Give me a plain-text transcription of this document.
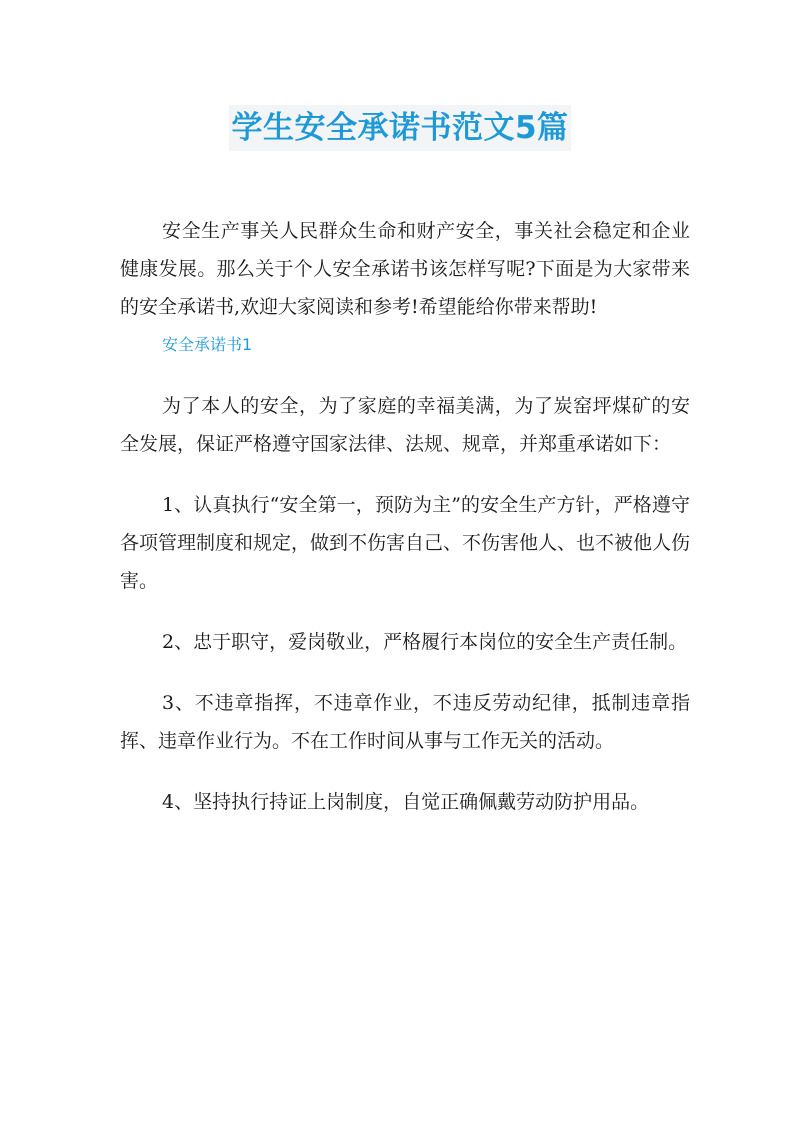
学生安全承诺书范文5篇

安全生产事关人民群众生命和财产安全，事关社会稳定和企业健康发展。那么关于个人安全承诺书该怎样写呢?下面是为大家带来的安全承诺书,欢迎大家阅读和参考!希望能给你带来帮助!

安全承诺书1

为了本人的安全，为了家庭的幸福美满，为了炭窑坪煤矿的安全发展，保证严格遵守国家法律、法规、规章，并郑重承诺如下：

1、认真执行“安全第一，预防为主”的安全生产方针，严格遵守各项管理制度和规定，做到不伤害自己、不伤害他人、也不被他人伤害。

2、忠于职守，爱岗敬业，严格履行本岗位的安全生产责任制。

3、不违章指挥，不违章作业，不违反劳动纪律，抵制违章指挥、违章作业行为。不在工作时间从事与工作无关的活动。

4、坚持执行持证上岗制度，自觉正确佩戴劳动防护用品。
